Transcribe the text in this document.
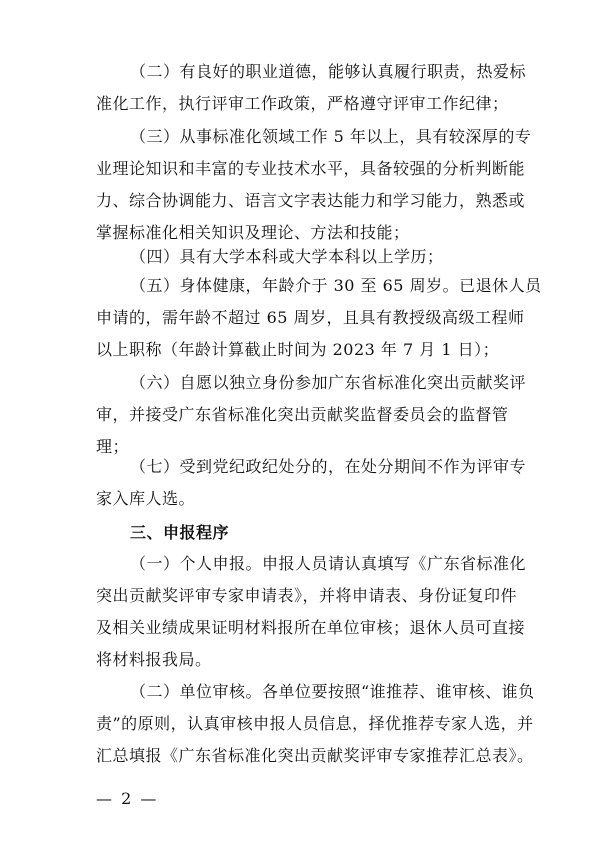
（二）有良好的职业道德，能够认真履行职责，热爱标
准化工作，执行评审工作政策，严格遵守评审工作纪律；

（三）从事标准化领域工作 5 年以上，具有较深厚的专
业理论知识和丰富的专业技术水平，具备较强的分析判断能
力、综合协调能力、语言文字表达能力和学习能力，熟悉或
掌握标准化相关知识及理论、方法和技能；

（四）具有大学本科或大学本科以上学历；

（五）身体健康，年龄介于 30 至 65 周岁。已退休人员
申请的，需年龄不超过 65 周岁，且具有教授级高级工程师
以上职称（年龄计算截止时间为 2023 年 7 月 1 日）；

（六）自愿以独立身份参加广东省标准化突出贡献奖评
审，并接受广东省标准化突出贡献奖监督委员会的监督管
理；

（七）受到党纪政纪处分的，在处分期间不作为评审专
家入库人选。

三、申报程序

（一）个人申报。申报人员请认真填写《广东省标准化
突出贡献奖评审专家申请表》，并将申请表、身份证复印件
及相关业绩成果证明材料报所在单位审核；退休人员可直接
将材料报我局。

（二）单位审核。各单位要按照“谁推荐、谁审核、谁负
责”的原则，认真审核申报人员信息，择优推荐专家人选，并
汇总填报《广东省标准化突出贡献奖评审专家推荐汇总表》。

— 2 —
